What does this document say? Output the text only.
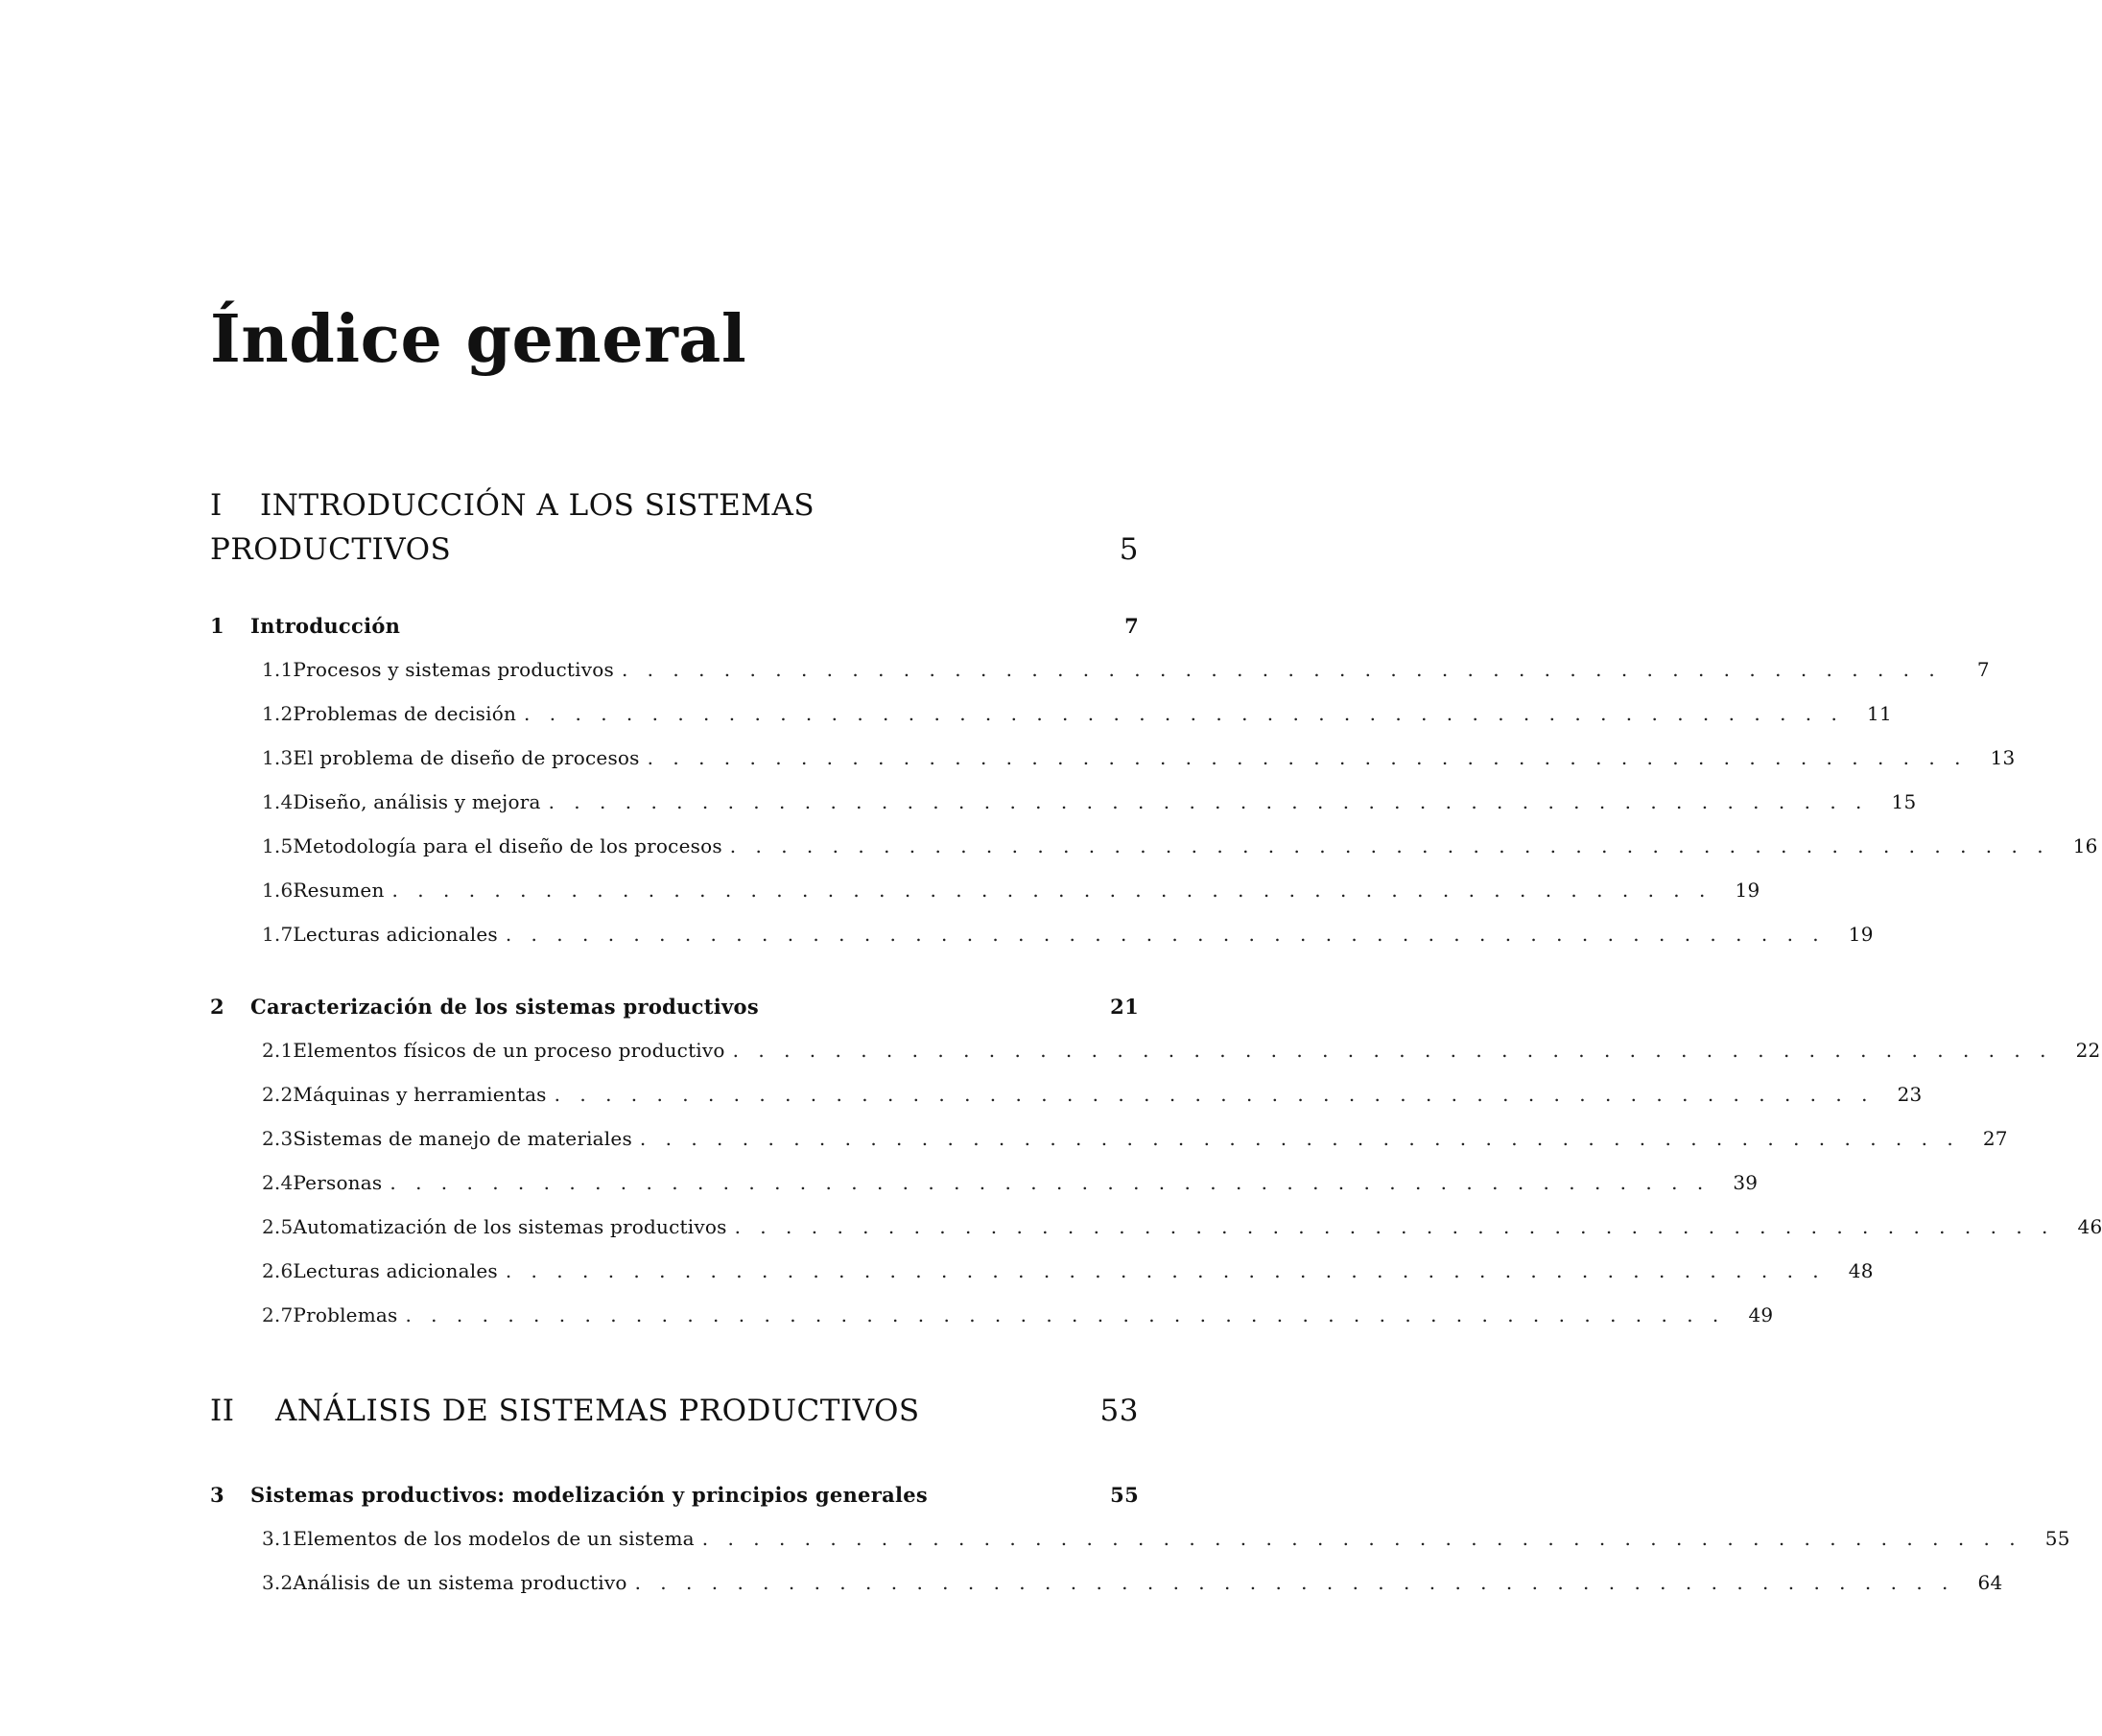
Índice general
I	INTRODUCCIÓN A LOS SISTEMAS
PRODUCTIVOS	5
1	Introducción	7
1.1 Procesos y sistemas productivos . . . . . . . . . . . . . . . . . . . . . . . . . . . . . . . . . . . . . . . . . . . . . . . . . . . .	7
1.2 Problemas de decisión . . . . . . . . . . . . . . . . . . . . . . . . . . . . . . . . . . . . . . . . . . . . . . . . . . . .	11
1.3 El problema de diseño de procesos . . . . . . . . . . . . . . . . . . . . . . . . . . . . . . . . . . . . . . . . . . . . . . . . . . . .	13
1.4 Diseño, análisis y mejora . . . . . . . . . . . . . . . . . . . . . . . . . . . . . . . . . . . . . . . . . . . . . . . . . . . .	15
1.5 Metodología para el diseño de los procesos . . . . . . . . . . . . . . . . . . . . . . . . . . . . . . . . . . . . . . . . . . . . . . . . . . . .	16
1.6 Resumen . . . . . . . . . . . . . . . . . . . . . . . . . . . . . . . . . . . . . . . . . . . . . . . . . . . .	19
1.7 Lecturas adicionales . . . . . . . . . . . . . . . . . . . . . . . . . . . . . . . . . . . . . . . . . . . . . . . . . . . .	19
2	Caracterización de los sistemas productivos	21
2.1 Elementos físicos de un proceso productivo . . . . . . . . . . . . . . . . . . . . . . . . . . . . . . . . . . . . . . . . . . . . . . . . . . . .	22
2.2 Máquinas y herramientas . . . . . . . . . . . . . . . . . . . . . . . . . . . . . . . . . . . . . . . . . . . . . . . . . . . .	23
2.3 Sistemas de manejo de materiales . . . . . . . . . . . . . . . . . . . . . . . . . . . . . . . . . . . . . . . . . . . . . . . . . . . .	27
2.4 Personas . . . . . . . . . . . . . . . . . . . . . . . . . . . . . . . . . . . . . . . . . . . . . . . . . . . .	39
2.5 Automatización de los sistemas productivos . . . . . . . . . . . . . . . . . . . . . . . . . . . . . . . . . . . . . . . . . . . . . . . . . . . .	46
2.6 Lecturas adicionales . . . . . . . . . . . . . . . . . . . . . . . . . . . . . . . . . . . . . . . . . . . . . . . . . . . .	48
2.7 Problemas . . . . . . . . . . . . . . . . . . . . . . . . . . . . . . . . . . . . . . . . . . . . . . . . . . . .	49
II	ANÁLISIS DE SISTEMAS PRODUCTIVOS	53
3	Sistemas productivos: modelización y principios generales	55
3.1 Elementos de los modelos de un sistema . . . . . . . . . . . . . . . . . . . . . . . . . . . . . . . . . . . . . . . . . . . . . . . . . . . .	55
3.2 Análisis de un sistema productivo . . . . . . . . . . . . . . . . . . . . . . . . . . . . . . . . . . . . . . . . . . . . . . . . . . . .	64
